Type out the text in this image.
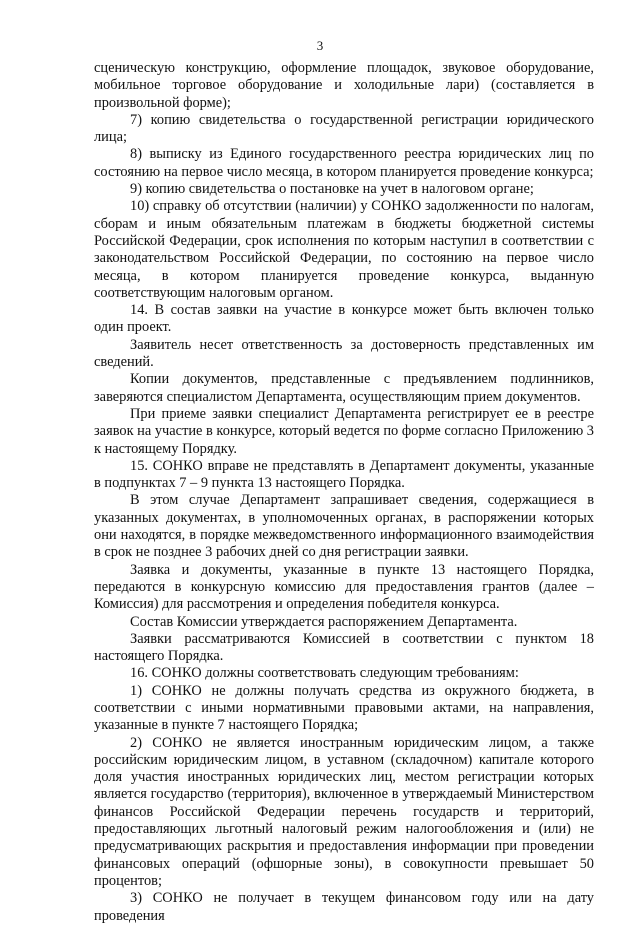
3

сценическую конструкцию, оформление площадок, звуковое оборудование, мобильное торговое оборудование и холодильные лари) (составляется в произвольной форме);

7) копию свидетельства о государственной регистрации юридического лица;

8) выписку из Единого государственного реестра юридических лиц по состоянию на первое число месяца, в котором планируется проведение конкурса;

9) копию свидетельства о постановке на учет в налоговом органе;

10) справку об отсутствии (наличии) у СОНКО задолженности по налогам, сборам и иным обязательным платежам в бюджеты бюджетной системы Российской Федерации, срок исполнения по которым наступил в соответствии с законодательством Российской Федерации, по состоянию на первое число месяца, в котором планируется проведение конкурса, выданную соответствующим налоговым органом.

14. В состав заявки на участие в конкурсе может быть включен только один проект.

Заявитель несет ответственность за достоверность представленных им сведений.

Копии документов, представленные с предъявлением подлинников, заверяются специалистом Департамента, осуществляющим прием документов.

При приеме заявки специалист Департамента регистрирует ее в реестре заявок на участие в конкурсе, который ведется по форме согласно Приложению 3 к настоящему Порядку.

15. СОНКО вправе не представлять в Департамент документы, указанные в подпунктах 7 – 9 пункта 13 настоящего Порядка.

В этом случае Департамент запрашивает сведения, содержащиеся в указанных документах, в уполномоченных органах, в распоряжении которых они находятся, в порядке межведомственного информационного взаимодействия в срок не позднее 3 рабочих дней со дня регистрации заявки.

Заявка и документы, указанные в пункте 13 настоящего Порядка, передаются в конкурсную комиссию для предоставления грантов (далее – Комиссия) для рассмотрения и определения победителя конкурса.

Состав Комиссии утверждается распоряжением Департамента.

Заявки рассматриваются Комиссией в соответствии с пунктом 18 настоящего Порядка.

16. СОНКО должны соответствовать следующим требованиям:

1) СОНКО не должны получать средства из окружного бюджета, в соответствии с иными нормативными правовыми актами, на направления, указанные в пункте 7 настоящего Порядка;

2) СОНКО не является иностранным юридическим лицом, а также российским юридическим лицом, в уставном (складочном) капитале которого доля участия иностранных юридических лиц, местом регистрации которых является государство (территория), включенное в утверждаемый Министерством финансов Российской Федерации перечень государств и территорий, предоставляющих льготный налоговый режим налогообложения и (или) не предусматривающих раскрытия и предоставления информации при проведении финансовых операций (офшорные зоны), в совокупности превышает 50 процентов;

3) СОНКО не получает в текущем финансовом году или на дату проведения
